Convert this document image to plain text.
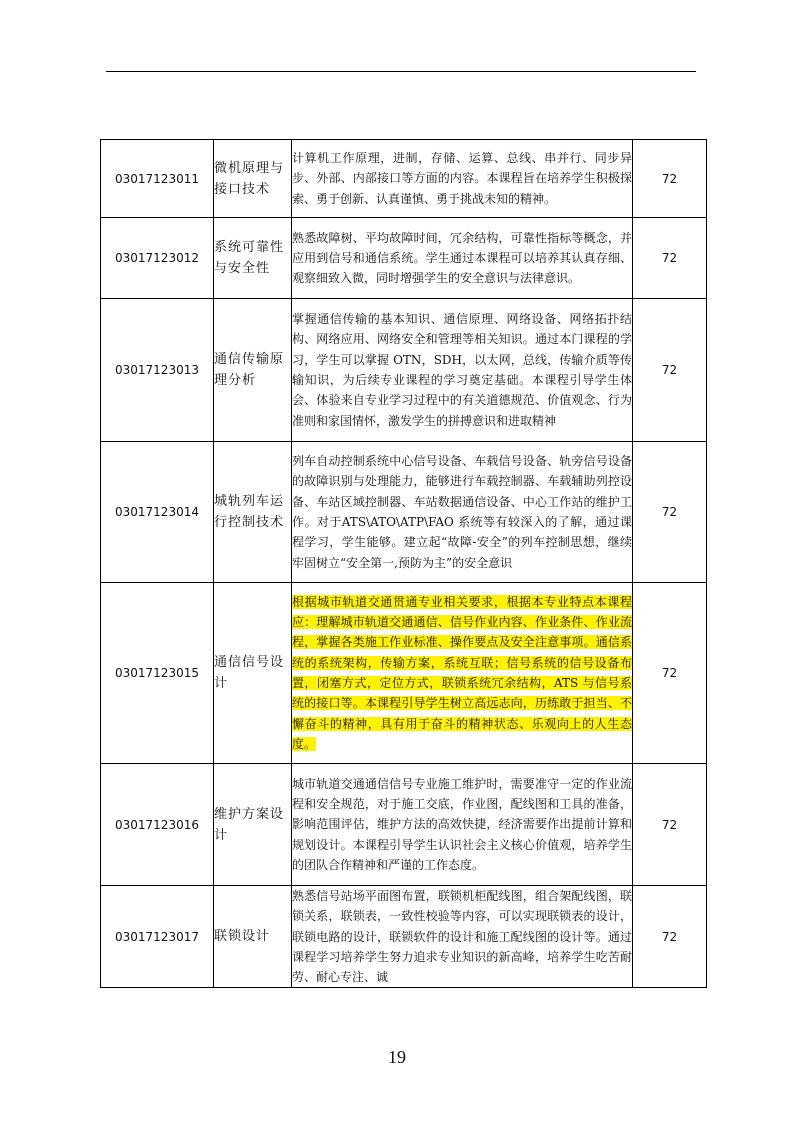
03017123011	微机原理与接口技术	计算机工作原理，进制，存储、运算、总线、串并行、同步异步、外部、内部接口等方面的内容。本课程旨在培养学生积极探索、勇于创新、认真谨慎、勇于挑战未知的精神。	72
03017123012	系统可靠性与安全性	熟悉故障树、平均故障时间，冗余结构，可靠性指标等概念，并应用到信号和通信系统。学生通过本课程可以培养其认真存细、观察细致入微，同时增强学生的安全意识与法律意识。	72
03017123013	通信传输原理分析	掌握通信传输的基本知识、通信原理、网络设备、网络拓扑结构、网络应用、网络安全和管理等相关知识。通过本门课程的学习，学生可以掌握 OTN，SDH，以太网，总线，传输介质等传输知识，为后续专业课程的学习奠定基础。本课程引导学生体会、体验来自专业学习过程中的有关道德规范、价值观念、行为准则和家国情怀，激发学生的拼搏意识和进取精神	72
03017123014	城轨列车运行控制技术	列车自动控制系统中心信号设备、车载信号设备、轨旁信号设备的故障识别与处理能力，能够进行车载控制器、车载辅助列控设备、车站区域控制器、车站数据通信设备、中心工作站的维护工作。对于ATS\ATO\ATP\FAO 系统等有较深入的了解，通过课程学习，学生能够。建立起“故障-安全”的列车控制思想，继续牢固树立“安全第一,预防为主”的安全意识	72
03017123015	通信信号设计	根据城市轨道交通贯通专业相关要求，根据本专业特点本课程应：理解城市轨道交通通信、信号作业内容、作业条件、作业流程，掌握各类施工作业标准、操作要点及安全注意事项。通信系统的系统架构，传输方案，系统互联；信号系统的信号设备布置，闭塞方式，定位方式，联锁系统冗余结构，ATS 与信号系统的接口等。本课程引导学生树立高远志向，历练敢于担当、不懈奋斗的精神，具有用于奋斗的精神状态、乐观向上的人生态度。	72
03017123016	维护方案设计	城市轨道交通通信信号专业施工维护时，需要准守一定的作业流程和安全规范，对于施工交底，作业图，配线图和工具的准备，影响范围评估，维护方法的高效快捷，经济需要作出提前计算和规划设计。本课程引导学生认识社会主义核心价值观，培养学生的团队合作精神和严谨的工作态度。	72
03017123017	联锁设计	熟悉信号站场平面图布置，联锁机柜配线图，组合架配线图，联锁关系，联锁表，一致性校验等内容，可以实现联锁表的设计，联锁电路的设计，联锁软件的设计和施工配线图的设计等。通过课程学习培养学生努力追求专业知识的新高峰，培养学生吃苦耐劳、耐心专注、诚	72
19
